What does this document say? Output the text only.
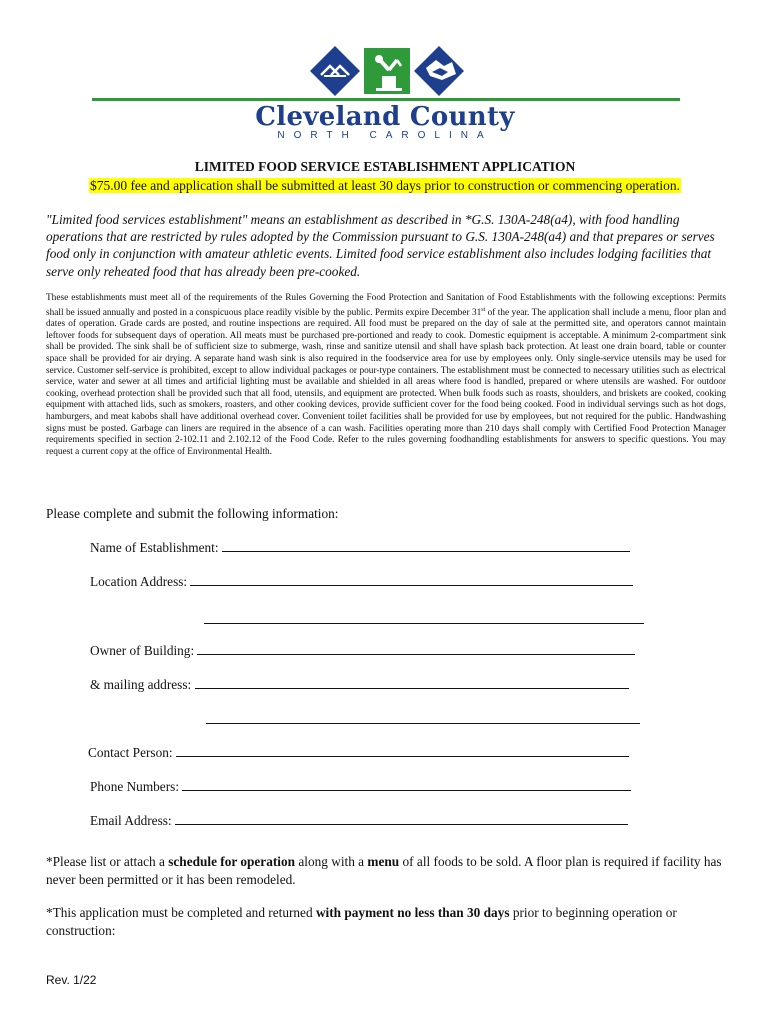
Cleveland County
NORTH CAROLINA
LIMITED FOOD SERVICE ESTABLISHMENT APPLICATION
$75.00 fee and application shall be submitted at least 30 days prior to construction or commencing operation.
"Limited food services establishment" means an establishment as described in *G.S. 130A-248(a4), with food handling operations that are restricted by rules adopted by the Commission pursuant to G.S. 130A-248(a4) and that prepares or serves food only in conjunction with amateur athletic events. Limited food service establishment also includes lodging facilities that serve only reheated food that has already been pre-cooked.
These establishments must meet all of the requirements of the Rules Governing the Food Protection and Sanitation of Food Establishments with the following exceptions: Permits shall be issued annually and posted in a conspicuous place readily visible by the public. Permits expire December 31st of the year. The application shall include a menu, floor plan and dates of operation. Grade cards are posted, and routine inspections are required. All food must be prepared on the day of sale at the permitted site, and operators cannot maintain leftover foods for subsequent days of operation. All meats must be purchased pre-portioned and ready to cook. Domestic equipment is acceptable. A minimum 2-compartment sink shall be provided. The sink shall be of sufficient size to submerge, wash, rinse and sanitize utensil and shall have splash back protection. At least one drain board, table or counter space shall be provided for air drying. A separate hand wash sink is also required in the foodservice area for use by employees only. Only single-service utensils may be used for service. Customer self-service is prohibited, except to allow individual packages or pour-type containers. The establishment must be connected to necessary utilities such as electrical service, water and sewer at all times and artificial lighting must be available and shielded in all areas where food is handled, prepared or where utensils are washed. For outdoor cooking, overhead protection shall be provided such that all food, utensils, and equipment are protected. When bulk foods such as roasts, shoulders, and briskets are cooked, cooking equipment with attached lids, such as smokers, roasters, and other cooking devices, provide sufficient cover for the food being cooked. Food in individual servings such as hot dogs, hamburgers, and meat kabobs shall have additional overhead cover. Convenient toilet facilities shall be provided for use by employees, but not required for the public. Handwashing signs must be posted. Garbage can liners are required in the absence of a can wash. Facilities operating more than 210 days shall comply with Certified Food Protection Manager requirements specified in section 2-102.11 and 2.102.12 of the Food Code. Refer to the rules governing foodhandling establishments for answers to specific questions. You may request a current copy at the office of Environmental Health.
Please complete and submit the following information:
Name of Establishment:
Location Address:
Owner of Building:
& mailing address:
Contact Person:
Phone Numbers:
Email Address:
*Please list or attach a schedule for operation along with a menu of all foods to be sold. A floor plan is required if facility has never been permitted or it has been remodeled.
*This application must be completed and returned with payment no less than 30 days prior to beginning operation or construction:
Rev. 1/22
